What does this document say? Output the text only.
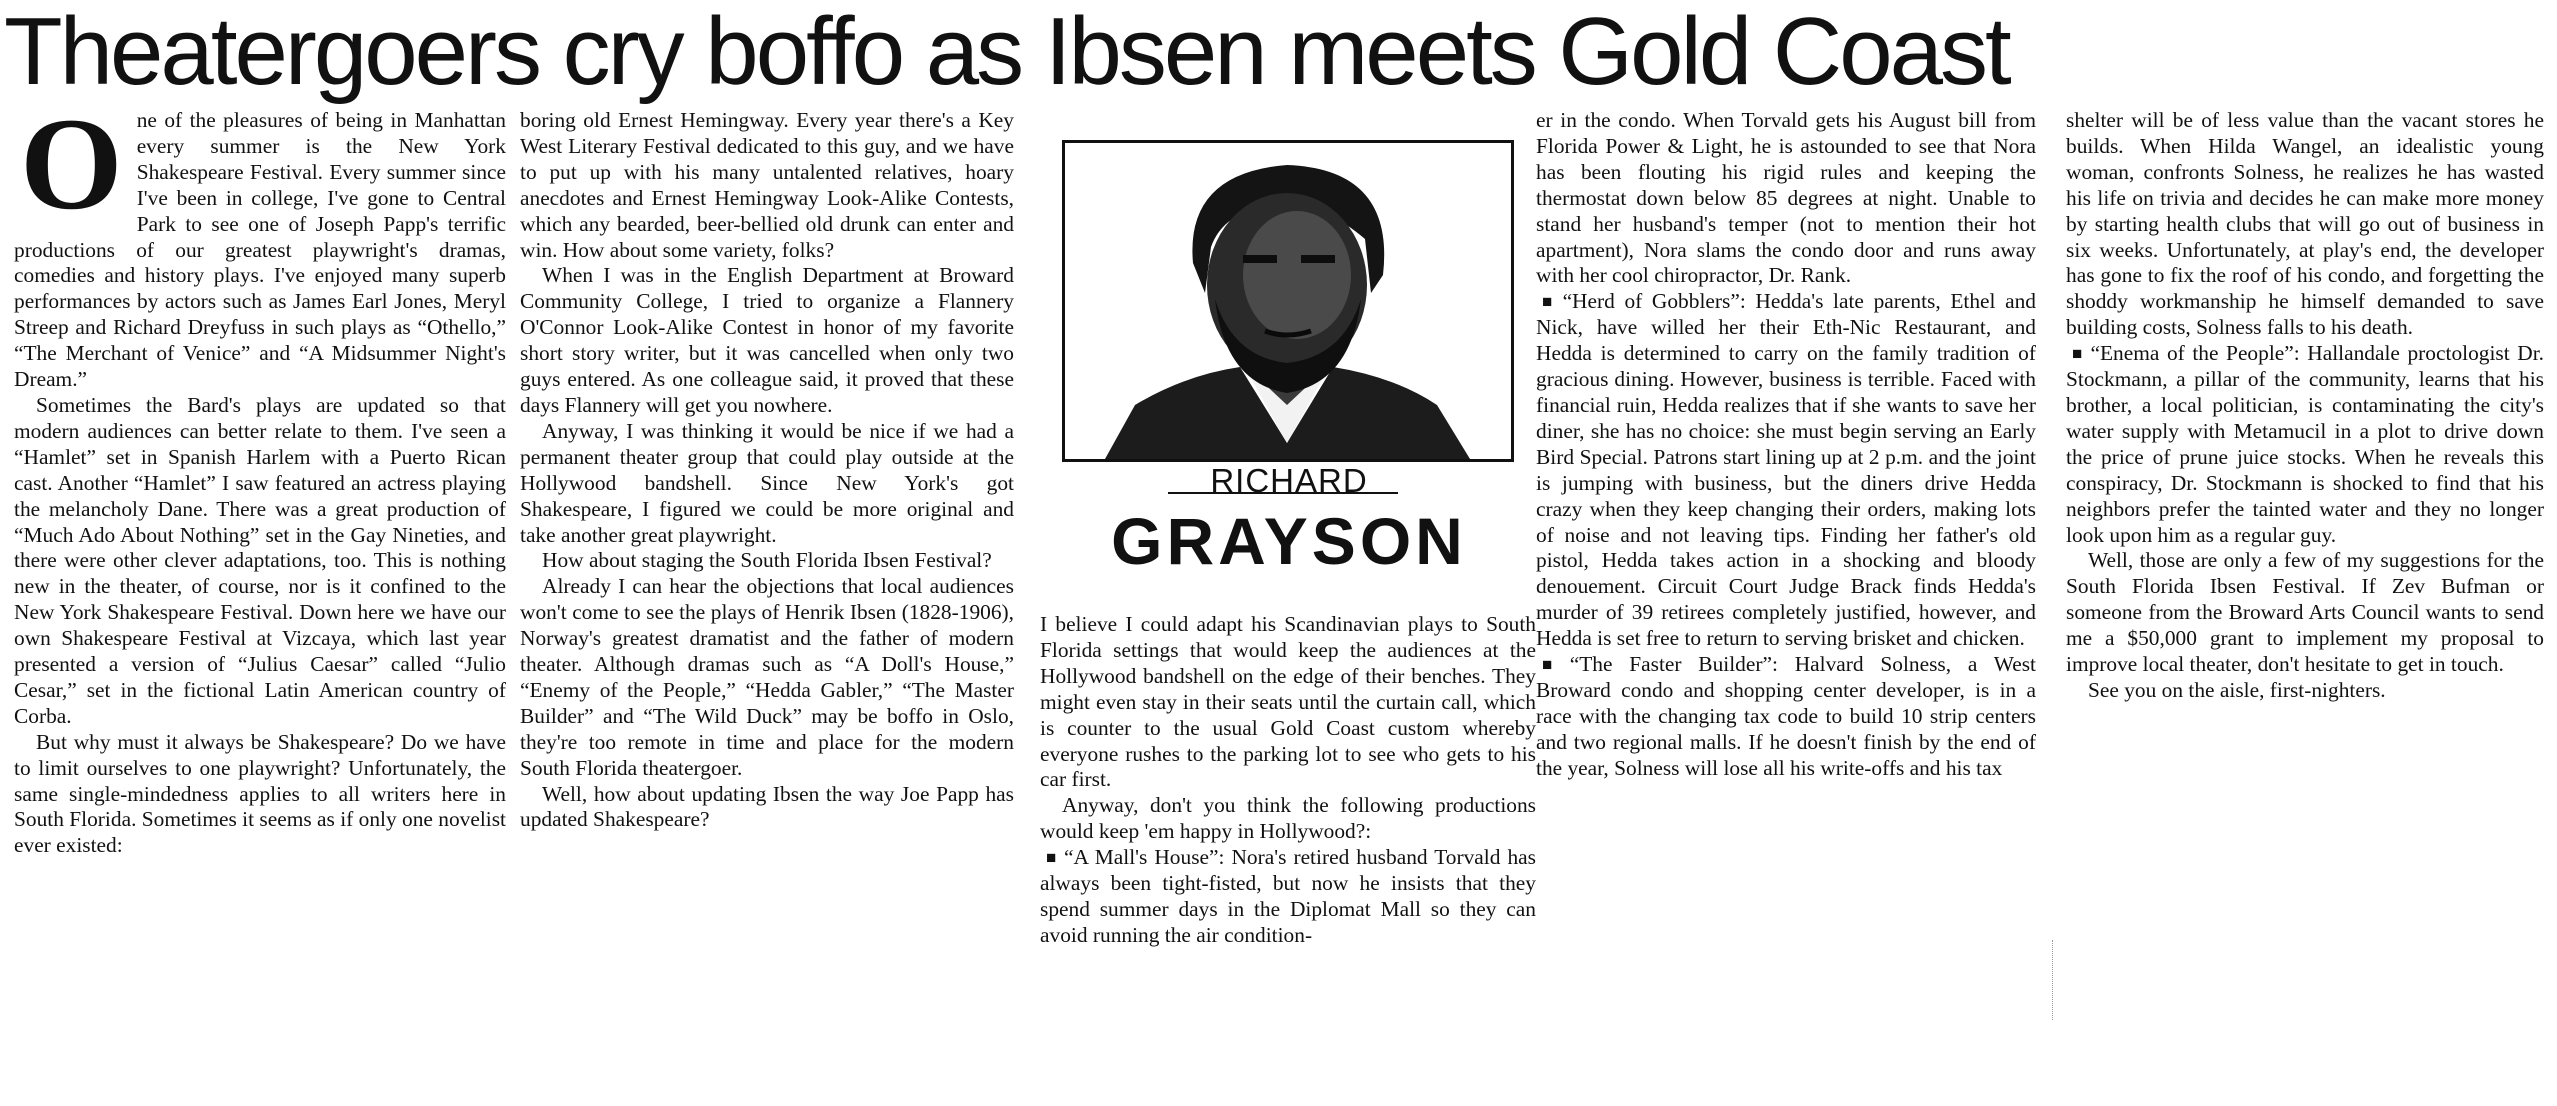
Theatergoers cry boffo as Ibsen meets Gold Coast
O ne of the pleasures of being in Manhattan every summer is the New York Shakespeare Festival. Every summer since I've been in college, I've gone to Central Park to see one of Joseph Papp's terrific productions of our greatest playwright's dramas, comedies and history plays. I've enjoyed many superb performances by actors such as James Earl Jones, Meryl Streep and Richard Dreyfuss in such plays as “Othello,” “The Merchant of Venice” and “A Midsummer Night's Dream.”

Sometimes the Bard's plays are updated so that modern audiences can better relate to them. I've seen a “Hamlet” set in Spanish Harlem with a Puerto Rican cast. Another “Hamlet” I saw featured an actress playing the melancholy Dane. There was a great production of “Much Ado About Nothing” set in the Gay Nineties, and there were other clever adaptations, too. This is nothing new in the theater, of course, nor is it confined to the New York Shakespeare Festival. Down here we have our own Shakespeare Festival at Vizcaya, which last year presented a version of “Julius Caesar” called “Julio Cesar,” set in the fictional Latin American country of Corba.

But why must it always be Shakespeare? Do we have to limit ourselves to one playwright? Unfortunately, the same single-mindedness applies to all writers here in South Florida. Sometimes it seems as if only one novelist ever existed:

boring old Ernest Hemingway. Every year there's a Key West Literary Festival dedicated to this guy, and we have to put up with his many untalented relatives, hoary anecdotes and Ernest Hemingway Look-Alike Contests, which any bearded, beer-bellied old drunk can enter and win. How about some variety, folks?

When I was in the English Department at Broward Community College, I tried to organize a Flannery O'Connor Look-Alike Contest in honor of my favorite short story writer, but it was cancelled when only two guys entered. As one colleague said, it proved that these days Flannery will get you nowhere.

Anyway, I was thinking it would be nice if we had a permanent theater group that could play outside at the Hollywood bandshell. Since New York's got Shakespeare, I figured we could be more original and take another great playwright.

How about staging the South Florida Ibsen Festival?

Already I can hear the objections that local audiences won't come to see the plays of Henrik Ibsen (1828-1906), Norway's greatest dramatist and the father of modern theater. Although dramas such as “A Doll's House,” “Enemy of the People,” “Hedda Gabler,” “The Master Builder” and “The Wild Duck” may be boffo in Oslo, they're too remote in time and place for the modern South Florida theatergoer.

Well, how about updating Ibsen the way Joe Papp has updated Shakespeare?

RICHARD
GRAYSON

I believe I could adapt his Scandinavian plays to South Florida settings that would keep the audiences at the Hollywood bandshell on the edge of their benches. They might even stay in their seats until the curtain call, which is counter to the usual Gold Coast custom whereby everyone rushes to the parking lot to see who gets to his car first.

Anyway, don't you think the following productions would keep 'em happy in Hollywood?:

■ “A Mall's House”: Nora's retired husband Torvald has always been tight-fisted, but now he insists that they spend summer days in the Diplomat Mall so they can avoid running the air condition-

er in the condo. When Torvald gets his August bill from Florida Power & Light, he is astounded to see that Nora has been flouting his rigid rules and keeping the thermostat down below 85 degrees at night. Unable to stand her husband's temper (not to mention their hot apartment), Nora slams the condo door and runs away with her cool chiropractor, Dr. Rank.

■ “Herd of Gobblers”: Hedda's late parents, Ethel and Nick, have willed her their Eth-Nic Restaurant, and Hedda is determined to carry on the family tradition of gracious dining. However, business is terrible. Faced with financial ruin, Hedda realizes that if she wants to save her diner, she has no choice: she must begin serving an Early Bird Special. Patrons start lining up at 2 p.m. and the joint is jumping with business, but the diners drive Hedda crazy when they keep changing their orders, making lots of noise and not leaving tips. Finding her father's old pistol, Hedda takes action in a shocking and bloody denouement. Circuit Court Judge Brack finds Hedda's murder of 39 retirees completely justified, however, and Hedda is set free to return to serving brisket and chicken.

■ “The Faster Builder”: Halvard Solness, a West Broward condo and shopping center developer, is in a race with the changing tax code to build 10 strip centers and two regional malls. If he doesn't finish by the end of the year, Solness will lose all his write-offs and his tax

shelter will be of less value than the vacant stores he builds. When Hilda Wangel, an idealistic young woman, confronts Solness, he realizes he has wasted his life on trivia and decides he can make more money by starting health clubs that will go out of business in six weeks. Unfortunately, at play's end, the developer has gone to fix the roof of his condo, and forgetting the shoddy workmanship he himself demanded to save building costs, Solness falls to his death.

■ “Enema of the People”: Hallandale proctologist Dr. Stockmann, a pillar of the community, learns that his brother, a local politician, is contaminating the city's water supply with Metamucil in a plot to drive down the price of prune juice stocks. When he reveals this conspiracy, Dr. Stockmann is shocked to find that his neighbors prefer the tainted water and they no longer look upon him as a regular guy.

Well, those are only a few of my suggestions for the South Florida Ibsen Festival. If Zev Bufman or someone from the Broward Arts Council wants to send me a $50,000 grant to implement my proposal to improve local theater, don't hesitate to get in touch.

See you on the aisle, first-nighters.
